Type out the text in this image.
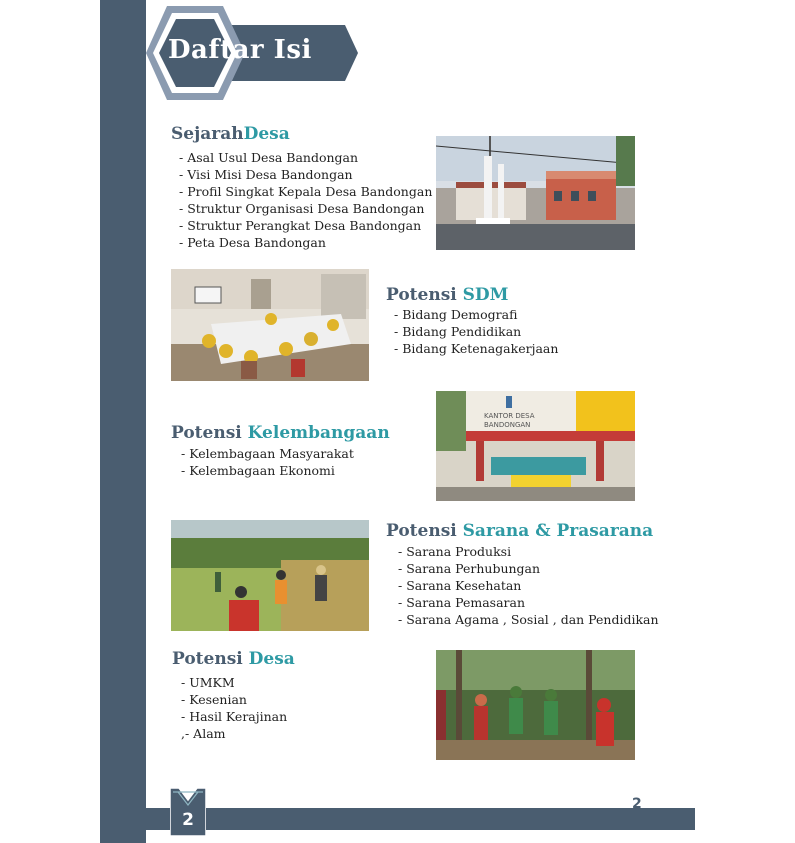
2
2
Daftar Isi
SejarahDesa
- Asal Usul Desa Bandongan
- Visi Misi Desa Bandongan
- Profil Singkat Kepala Desa Bandongan
- Struktur Organisasi Desa Bandongan
- Struktur Perangkat Desa Bandongan
- Peta Desa Bandongan
Potensi SDM
- Bidang Demografi
- Bidang Pendidikan
- Bidang Ketenagakerjaan
Potensi Kelembangaan
- Kelembagaan Masyarakat
- Kelembagaan Ekonomi
KANTOR DESA
BANDONGAN
Potensi Sarana & Prasarana
- Sarana Produksi
- Sarana Perhubungan
- Sarana Kesehatan
- Sarana Pemasaran
- Sarana Agama , Sosial , dan Pendidikan
Potensi Desa
- UMKM
- Kesenian
- Hasil Kerajinan
,- Alam
